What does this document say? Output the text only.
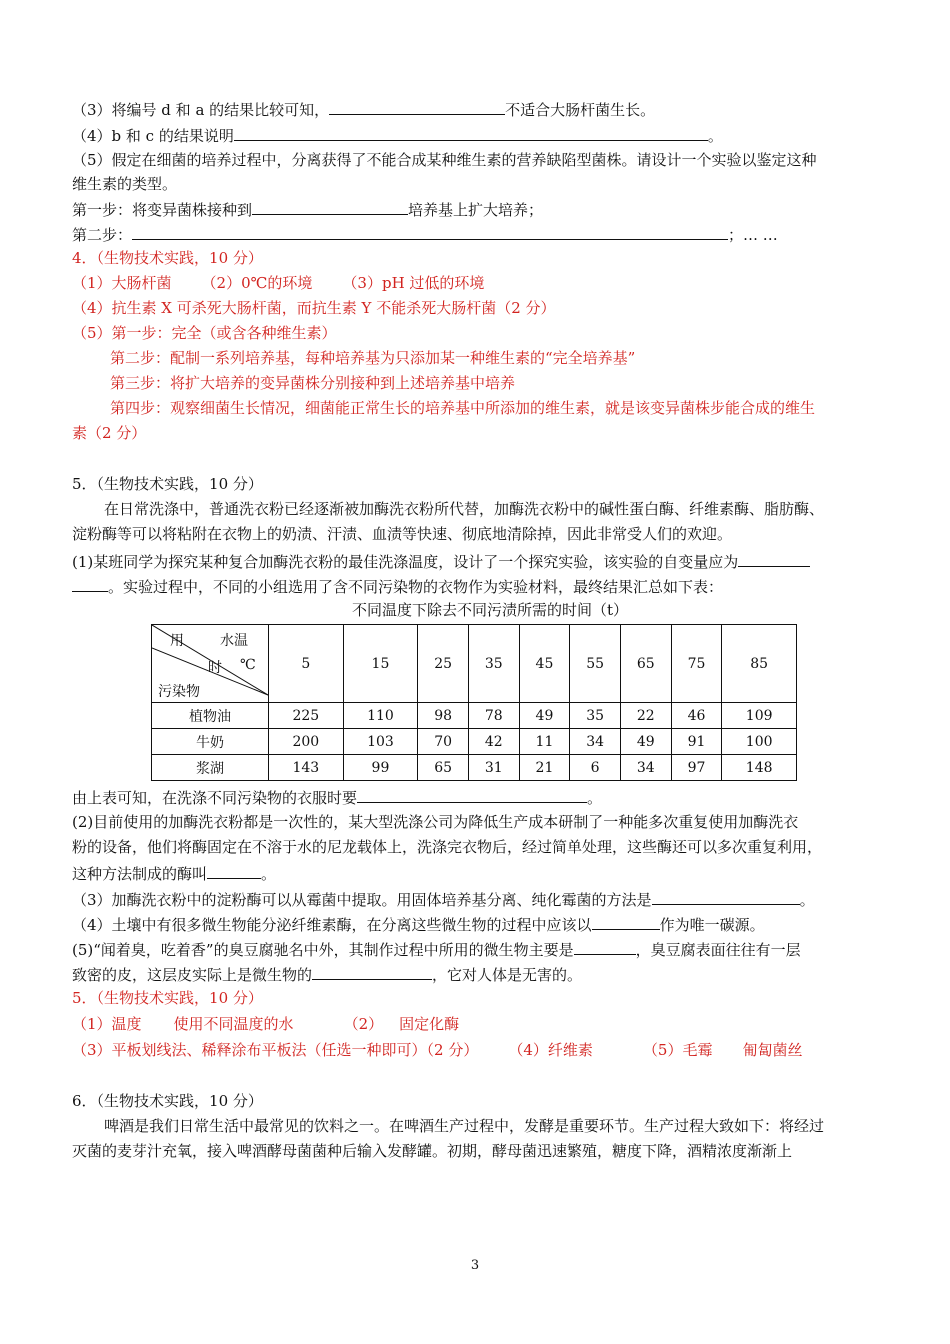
（3）将编号 d 和 a 的结果比较可知，	不适合大肠杆菌生长。
（4）b 和 c 的结果说明	。
（5）假定在细菌的培养过程中，分离获得了不能合成某种维生素的营养缺陷型菌株。请设计一个实验以鉴定这种
维生素的类型。
第一步：将变异菌株接种到	培养基上扩大培养；
第二步：	；… …
4．（生物技术实践，10 分）
（1）大肠杆菌 （2）0℃的环境 （3）pH 过低的环境
（4）抗生素 X 可杀死大肠杆菌，而抗生素 Y 不能杀死大肠杆菌（2 分）
（5）第一步：完全（或含各种维生素）
第二步：配制一系列培养基，每种培养基为只添加某一种维生素的“完全培养基”
第三步：将扩大培养的变异菌株分别接种到上述培养基中培养
第四步：观察细菌生长情况，细菌能正常生长的培养基中所添加的维生素，就是该变异菌株步能合成的维生
素（2 分）
5．（生物技术实践，10 分）
在日常洗涤中，普通洗衣粉已经逐渐被加酶洗衣粉所代替，加酶洗衣粉中的碱性蛋白酶、纤维素酶、脂肪酶、
淀粉酶等可以将粘附在衣物上的奶渍、汗渍、血渍等快速、彻底地清除掉，因此非常受人们的欢迎。
(1)某班同学为探究某种复合加酶洗衣粉的最佳洗涤温度，设计了一个探究实验，该实验的自变量应为
。实验过程中，不同的小组选用了含不同污染物的衣物作为实验材料，最终结果汇总如下表：
不同温度下除去不同污渍所需的时间（t）
用 水温
时 ℃
污染物	5	15	25	35	45	55	65	75	85
植物油	225	110	98	78	49	35	22	46	109
牛奶	200	103	70	42	11	34	49	91	100
浆湖	143	99	65	31	21	6	34	97	148
由上表可知，在洗涤不同污染物的衣服时要	。
(2)目前使用的加酶洗衣粉都是一次性的，某大型洗涤公司为降低生产成本研制了一种能多次重复使用加酶洗衣
粉的设备，他们将酶固定在不溶于水的尼龙载体上，洗涤完衣物后，经过简单处理，这些酶还可以多次重复利用，
这种方法制成的酶叫	。
（3）加酶洗衣粉中的淀粉酶可以从霉菌中提取。用固体培养基分离、纯化霉菌的方法是	。
（4）土壤中有很多微生物能分泌纤维素酶，在分离这些微生物的过程中应该以	作为唯一碳源。
(5)“闻着臭，吃着香”的臭豆腐驰名中外，其制作过程中所用的微生物主要是	，臭豆腐表面往往有一层
致密的皮，这层皮实际上是微生物的	，它对人体是无害的。
5．（生物技术实践，10 分）
（1）温度 使用不同温度的水	（2） 固定化酶
（3）平板划线法、稀释涂布平板法（任选一种即可）（2 分） （4）纤维素	（5）毛霉 匍匐菌丝
6．（生物技术实践，10 分）
啤酒是我们日常生活中最常见的饮料之一。在啤酒生产过程中，发酵是重要环节。生产过程大致如下：将经过
灭菌的麦芽汁充氧，接入啤酒酵母菌菌种后输入发酵罐。初期，酵母菌迅速繁殖，糖度下降，酒精浓度渐渐上
3
